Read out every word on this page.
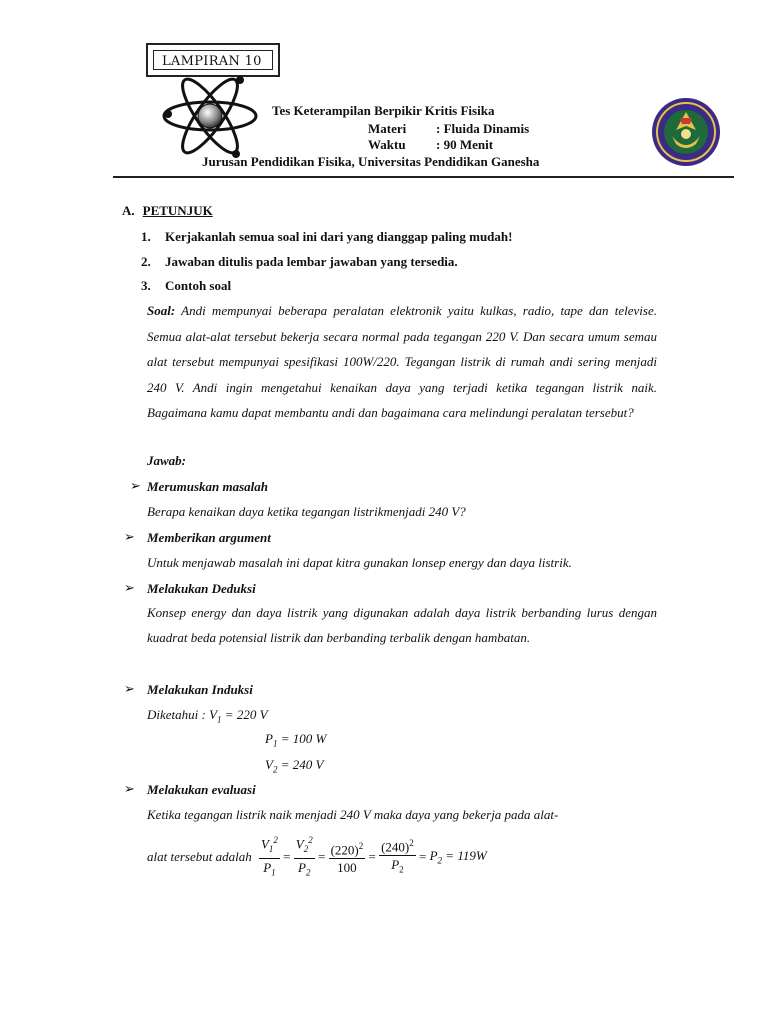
LAMPIRAN 10
Tes Keterampilan Berpikir Kritis Fisika
Materi : Fluida Dinamis
Waktu : 90 Menit
Jurusan Pendidikan Fisika, Universitas Pendidikan Ganesha
A. PETUNJUK
1. Kerjakanlah semua soal ini dari yang dianggap paling mudah!
2. Jawaban ditulis pada lembar jawaban yang tersedia.
3. Contoh soal
Soal: Andi mempunyai beberapa peralatan elektronik yaitu kulkas, radio, tape dan televise. Semua alat-alat tersebut bekerja secara normal pada tegangan 220 V. Dan secara umum semau alat tersebut mempunyai spesifikasi 100W/220. Tegangan listrik di rumah andi sering menjadi 240 V. Andi ingin mengetahui kenaikan daya yang terjadi ketika tegangan listrik naik. Bagaimana kamu dapat membantu andi dan bagaimana cara melindungi peralatan tersebut?
Jawab:
➢ Merumuskan masalah
Berapa kenaikan daya ketika tegangan listrikmenjadi 240 V?
➢ Memberikan argument
Untuk menjawab masalah ini dapat kitra gunakan lonsep energy dan daya listrik.
➢ Melakukan Deduksi
Konsep energy dan daya listrik yang digunakan adalah daya listrik berbanding lurus dengan kuadrat beda potensial listrik dan berbanding terbalik dengan hambatan.
➢ Melakukan Induksi
Diketahui : $V_1 = 220$ V
$P_1 = 100$ W
$V_2 = 240$ V
➢ Melakukan evaluasi
Ketika tegangan listrik naik menjadi 240 V maka daya yang bekerja pada alat-
alat tersebut adalah $\frac{V_1^2}{P_1} = \frac{V_2^2}{P_2} = \frac{(220)^2}{100} = \frac{(240)^2}{P_2} = P_2 = 119W$
